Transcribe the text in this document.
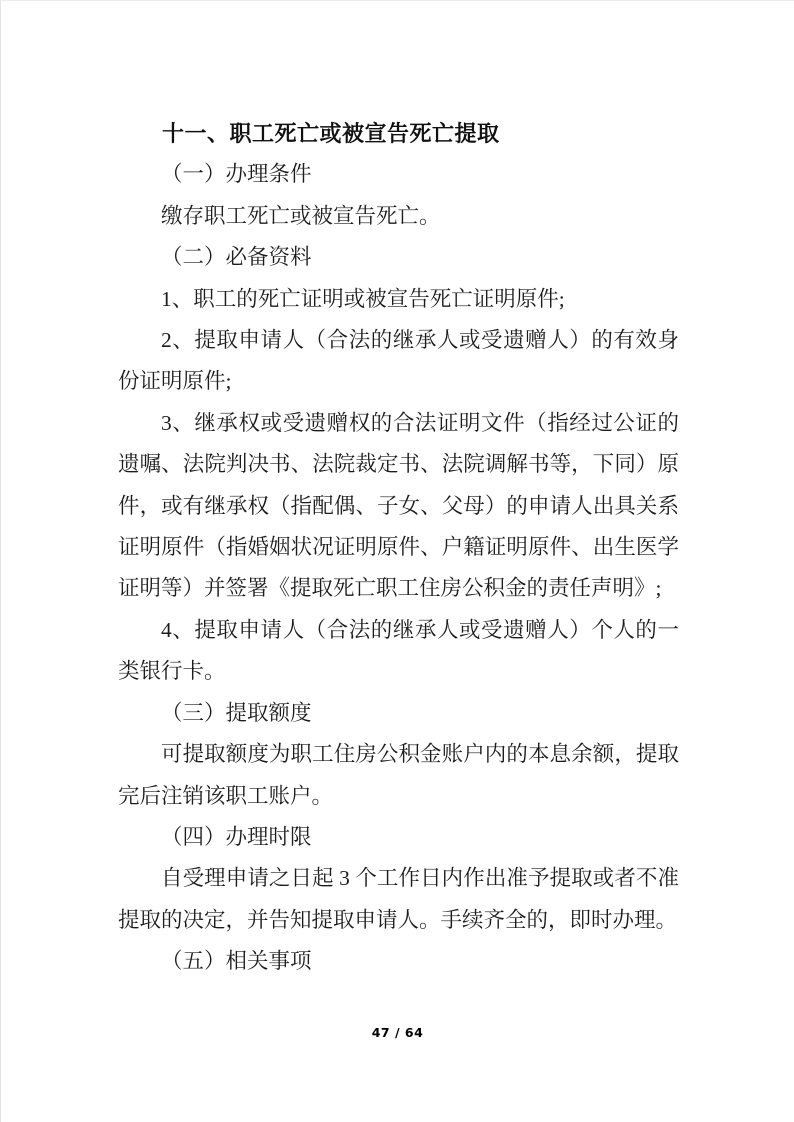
十一、职工死亡或被宣告死亡提取
（一）办理条件
缴存职工死亡或被宣告死亡。
（二）必备资料
1、职工的死亡证明或被宣告死亡证明原件;
2、提取申请人（合法的继承人或受遗赠人）的有效身份证明原件;
3、继承权或受遗赠权的合法证明文件（指经过公证的遗嘱、法院判决书、法院裁定书、法院调解书等，下同）原件，或有继承权（指配偶、子女、父母）的申请人出具关系证明原件（指婚姻状况证明原件、户籍证明原件、出生医学证明等）并签署《提取死亡职工住房公积金的责任声明》;
4、提取申请人（合法的继承人或受遗赠人）个人的一类银行卡。
（三）提取额度
可提取额度为职工住房公积金账户内的本息余额，提取完后注销该职工账户。
（四）办理时限
自受理申请之日起 3 个工作日内作出准予提取或者不准提取的决定，并告知提取申请人。手续齐全的，即时办理。
（五）相关事项
47 / 64
